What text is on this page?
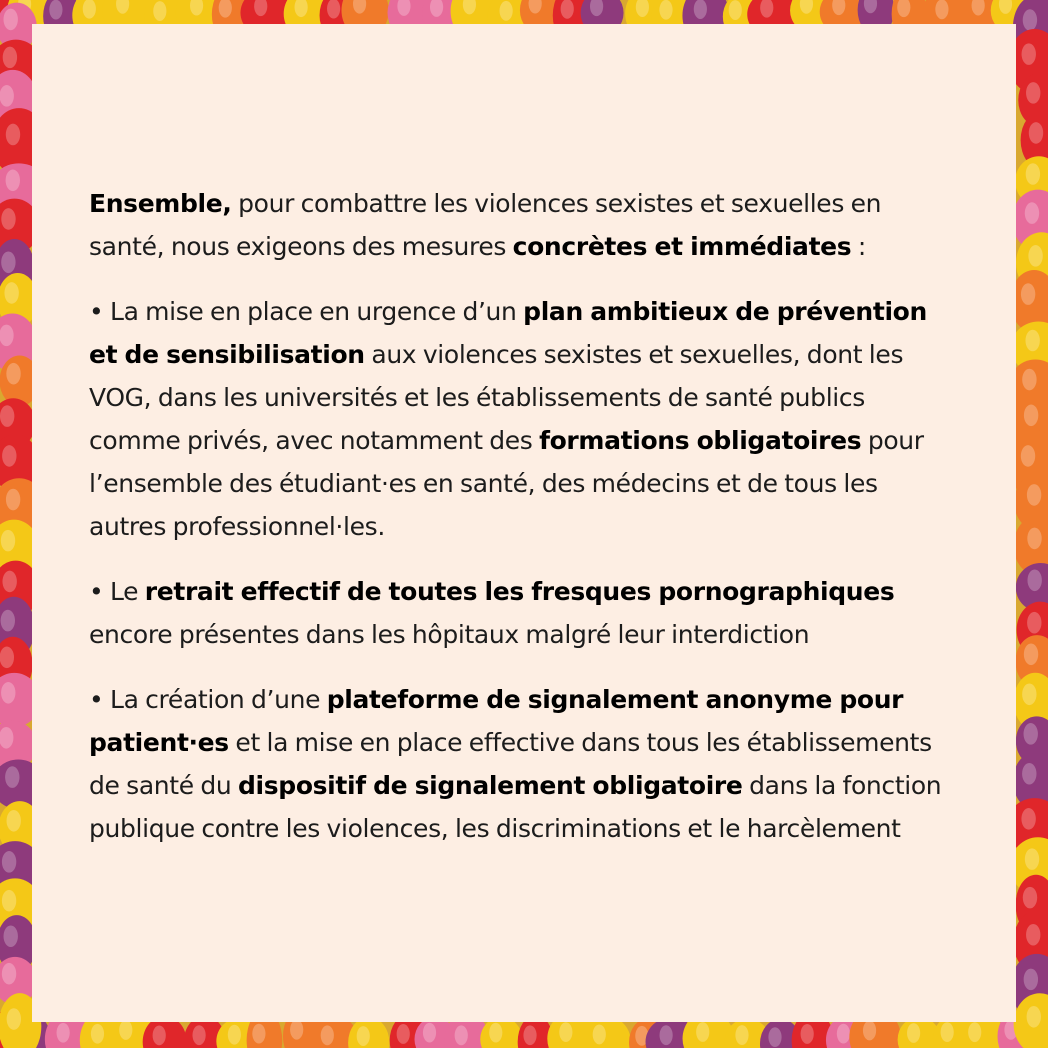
Ensemble, pour combattre les violences sexistes et sexuelles en santé, nous exigeons des mesures concrètes et immédiates :

• La mise en place en urgence d’un plan ambitieux de prévention et de sensibilisation aux violences sexistes et sexuelles, dont les VOG, dans les universités et les établissements de santé publics comme privés, avec notamment des formations obligatoires pour l’ensemble des étudiant·es en santé, des médecins et de tous les autres professionnel·les.

• Le retrait effectif de toutes les fresques pornographiques encore présentes dans les hôpitaux malgré leur interdiction

• La création d’une plateforme de signalement anonyme pour patient·es et la mise en place effective dans tous les établissements de santé du dispositif de signalement obligatoire dans la fonction publique contre les violences, les discriminations et le harcèlement
